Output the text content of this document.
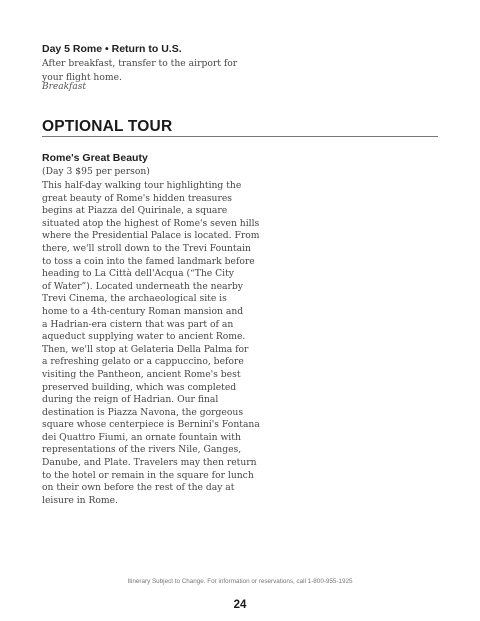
Day 5 Rome • Return to U.S.
After breakfast, transfer to the airport for your flight home.
Breakfast
OPTIONAL TOUR
Rome's Great Beauty
(Day 3 $95 per person)
This half-day walking tour highlighting the
great beauty of Rome's hidden treasures
begins at Piazza del Quirinale, a square
situated atop the highest of Rome's seven hills
where the Presidential Palace is located. From
there, we'll stroll down to the Trevi Fountain
to toss a coin into the famed landmark before
heading to La Città dell'Acqua (“The City
of Water”). Located underneath the nearby
Trevi Cinema, the archaeological site is
home to a 4th-century Roman mansion and
a Hadrian-era cistern that was part of an
aqueduct supplying water to ancient Rome.
Then, we'll stop at Gelateria Della Palma for
a refreshing gelato or a cappuccino, before
visiting the Pantheon, ancient Rome's best
preserved building, which was completed
during the reign of Hadrian. Our final
destination is Piazza Navona, the gorgeous
square whose centerpiece is Bernini's Fontana
dei Quattro Fiumi, an ornate fountain with
representations of the rivers Nile, Ganges,
Danube, and Plate. Travelers may then return
to the hotel or remain in the square for lunch
on their own before the rest of the day at
leisure in Rome.
Itinerary Subject to Change. For information or reservations, call 1-800-955-1925
24
